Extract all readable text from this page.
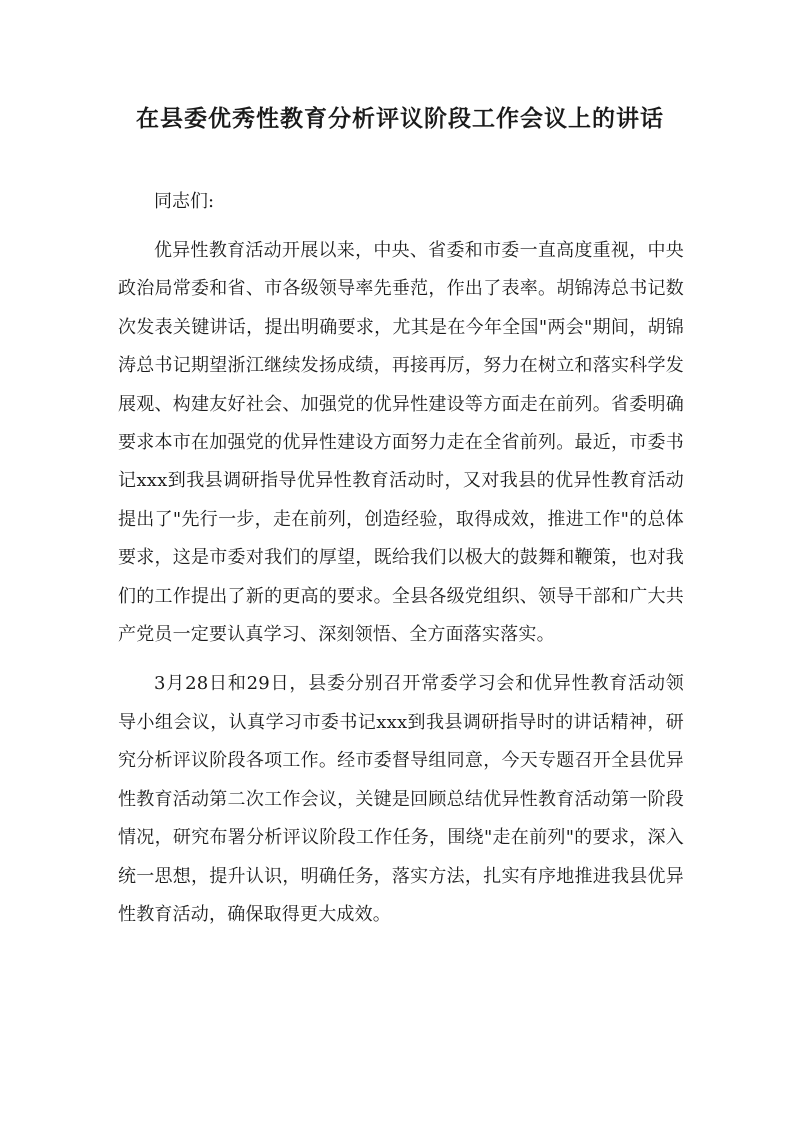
在县委优秀性教育分析评议阶段工作会议上的讲话

同志们:

优异性教育活动开展以来，中央、省委和市委一直高度重视，中央政治局常委和省、市各级领导率先垂范，作出了表率。胡锦涛总书记数次发表关键讲话，提出明确要求，尤其是在今年全国"两会"期间，胡锦涛总书记期望浙江继续发扬成绩，再接再厉，努力在树立和落实科学发展观、构建友好社会、加强党的优异性建设等方面走在前列。省委明确要求本市在加强党的优异性建设方面努力走在全省前列。最近，市委书记xxx到我县调研指导优异性教育活动时，又对我县的优异性教育活动提出了"先行一步，走在前列，创造经验，取得成效，推进工作"的总体要求，这是市委对我们的厚望，既给我们以极大的鼓舞和鞭策，也对我们的工作提出了新的更高的要求。全县各级党组织、领导干部和广大共产党员一定要认真学习、深刻领悟、全方面落实落实。

3月28日和29日，县委分别召开常委学习会和优异性教育活动领导小组会议，认真学习市委书记xxx到我县调研指导时的讲话精神，研究分析评议阶段各项工作。经市委督导组同意，今天专题召开全县优异性教育活动第二次工作会议，关键是回顾总结优异性教育活动第一阶段情况，研究布署分析评议阶段工作任务，围绕"走在前列"的要求，深入统一思想，提升认识，明确任务，落实方法，扎实有序地推进我县优异性教育活动，确保取得更大成效。
